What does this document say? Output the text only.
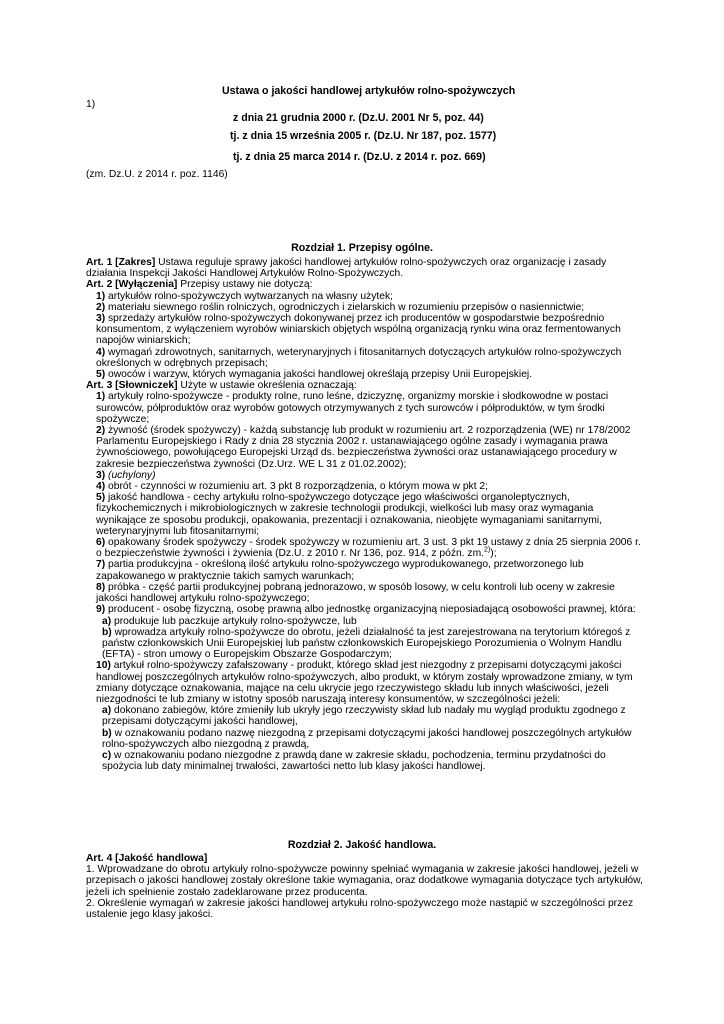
Ustawa o jakości handlowej artykułów rolno-spożywczych
1)
z dnia 21 grudnia 2000 r. (Dz.U. 2001 Nr 5, poz. 44)
tj. z dnia 15 września 2005 r. (Dz.U. Nr 187, poz. 1577)
tj. z dnia 25 marca 2014 r. (Dz.U. z 2014 r. poz. 669)
(zm. Dz.U. z 2014 r. poz. 1146)
Rozdział 1. Przepisy ogólne.

Art. 1 [Zakres] Ustawa reguluje sprawy jakości handlowej artykułów rolno-spożywczych oraz organizację i zasady działania Inspekcji Jakości Handlowej Artykułów Rolno-Spożywczych.

Art. 2 [Wyłączenia] Przepisy ustawy nie dotyczą:

1) artykułów rolno-spożywczych wytwarzanych na własny użytek;

2) materiału siewnego roślin rolniczych, ogrodniczych i zielarskich w rozumieniu przepisów o nasiennictwie;

3) sprzedaży artykułów rolno-spożywczych dokonywanej przez ich producentów w gospodarstwie bezpośrednio konsumentom, z wyłączeniem wyrobów winiarskich objętych wspólną organizacją rynku wina oraz fermentowanych napojów winiarskich;

4) wymagań zdrowotnych, sanitarnych, weterynaryjnych i fitosanitarnych dotyczących artykułów rolno-spożywczych określonych w odrębnych przepisach;

5) owoców i warzyw, których wymagania jakości handlowej określają przepisy Unii Europejskiej.

Art. 3 [Słowniczek] Użyte w ustawie określenia oznaczają:

1) artykuły rolno-spożywcze - produkty rolne, runo leśne, dziczyznę, organizmy morskie i słodkowodne w postaci surowców, półproduktów oraz wyrobów gotowych otrzymywanych z tych surowców i półproduktów, w tym środki spożywcze;

2) żywność (środek spożywczy) - każdą substancję lub produkt w rozumieniu art. 2 rozporządzenia (WE) nr 178/2002 Parlamentu Europejskiego i Rady z dnia 28 stycznia 2002 r. ustanawiającego ogólne zasady i wymagania prawa żywnościowego, powołującego Europejski Urząd ds. bezpieczeństwa żywności oraz ustanawiającego procedury w zakresie bezpieczeństwa żywności (Dz.Urz. WE L 31 z 01.02.2002);

3) (uchylony)

4) obrót - czynności w rozumieniu art. 3 pkt 8 rozporządzenia, o którym mowa w pkt 2;

5) jakość handlowa - cechy artykułu rolno-spożywczego dotyczące jego właściwości organoleptycznych, fizykochemicznych i mikrobiologicznych w zakresie technologii produkcji, wielkości lub masy oraz wymagania wynikające ze sposobu produkcji, opakowania, prezentacji i oznakowania, nieobjęte wymaganiami sanitarnymi, weterynaryjnymi lub fitosanitarnymi;

6) opakowany środek spożywczy - środek spożywczy w rozumieniu art. 3 ust. 3 pkt 19 ustawy z dnia 25 sierpnia 2006 r. o bezpieczeństwie żywności i żywienia (Dz.U. z 2010 r. Nr 136, poz. 914, z późn. zm.$^{2)}$);

7) partia produkcyjna - określoną ilość artykułu rolno-spożywczego wyprodukowanego, przetworzonego lub zapakowanego w praktycznie takich samych warunkach;

8) próbka - część partii produkcyjnej pobraną jednorazowo, w sposób losowy, w celu kontroli lub oceny w zakresie jakości handlowej artykułu rolno-spożywczego;

9) producent - osobę fizyczną, osobę prawną albo jednostkę organizacyjną nieposiadającą osobowości prawnej, która:

a) produkuje lub paczkuje artykuły rolno-spożywcze, lub

b) wprowadza artykuły rolno-spożywcze do obrotu, jeżeli działalność ta jest zarejestrowana na terytorium któregoś z państw członkowskich Unii Europejskiej lub państw członkowskich Europejskiego Porozumienia o Wolnym Handlu (EFTA) - stron umowy o Europejskim Obszarze Gospodarczym;

10) artykuł rolno-spożywczy zafałszowany - produkt, którego skład jest niezgodny z przepisami dotyczącymi jakości handlowej poszczególnych artykułów rolno-spożywczych, albo produkt, w którym zostały wprowadzone zmiany, w tym zmiany dotyczące oznakowania, mające na celu ukrycie jego rzeczywistego składu lub innych właściwości, jeżeli niezgodności te lub zmiany w istotny sposób naruszają interesy konsumentów, w szczególności jeżeli:

a) dokonano zabiegów, które zmieniły lub ukryły jego rzeczywisty skład lub nadały mu wygląd produktu zgodnego z przepisami dotyczącymi jakości handlowej,

b) w oznakowaniu podano nazwę niezgodną z przepisami dotyczącymi jakości handlowej poszczególnych artykułów rolno-spożywczych albo niezgodną z prawdą,

c) w oznakowaniu podano niezgodne z prawdą dane w zakresie składu, pochodzenia, terminu przydatności do spożycia lub daty minimalnej trwałości, zawartości netto lub klasy jakości handlowej.

Rozdział 2. Jakość handlowa.

Art. 4 [Jakość handlowa]

1. Wprowadzane do obrotu artykuły rolno-spożywcze powinny spełniać wymagania w zakresie jakości handlowej, jeżeli w przepisach o jakości handlowej zostały określone takie wymagania, oraz dodatkowe wymagania dotyczące tych artykułów, jeżeli ich spełnienie zostało zadeklarowane przez producenta.

2. Określenie wymagań w zakresie jakości handlowej artykułu rolno-spożywczego może nastąpić w szczególności przez ustalenie jego klasy jakości.
